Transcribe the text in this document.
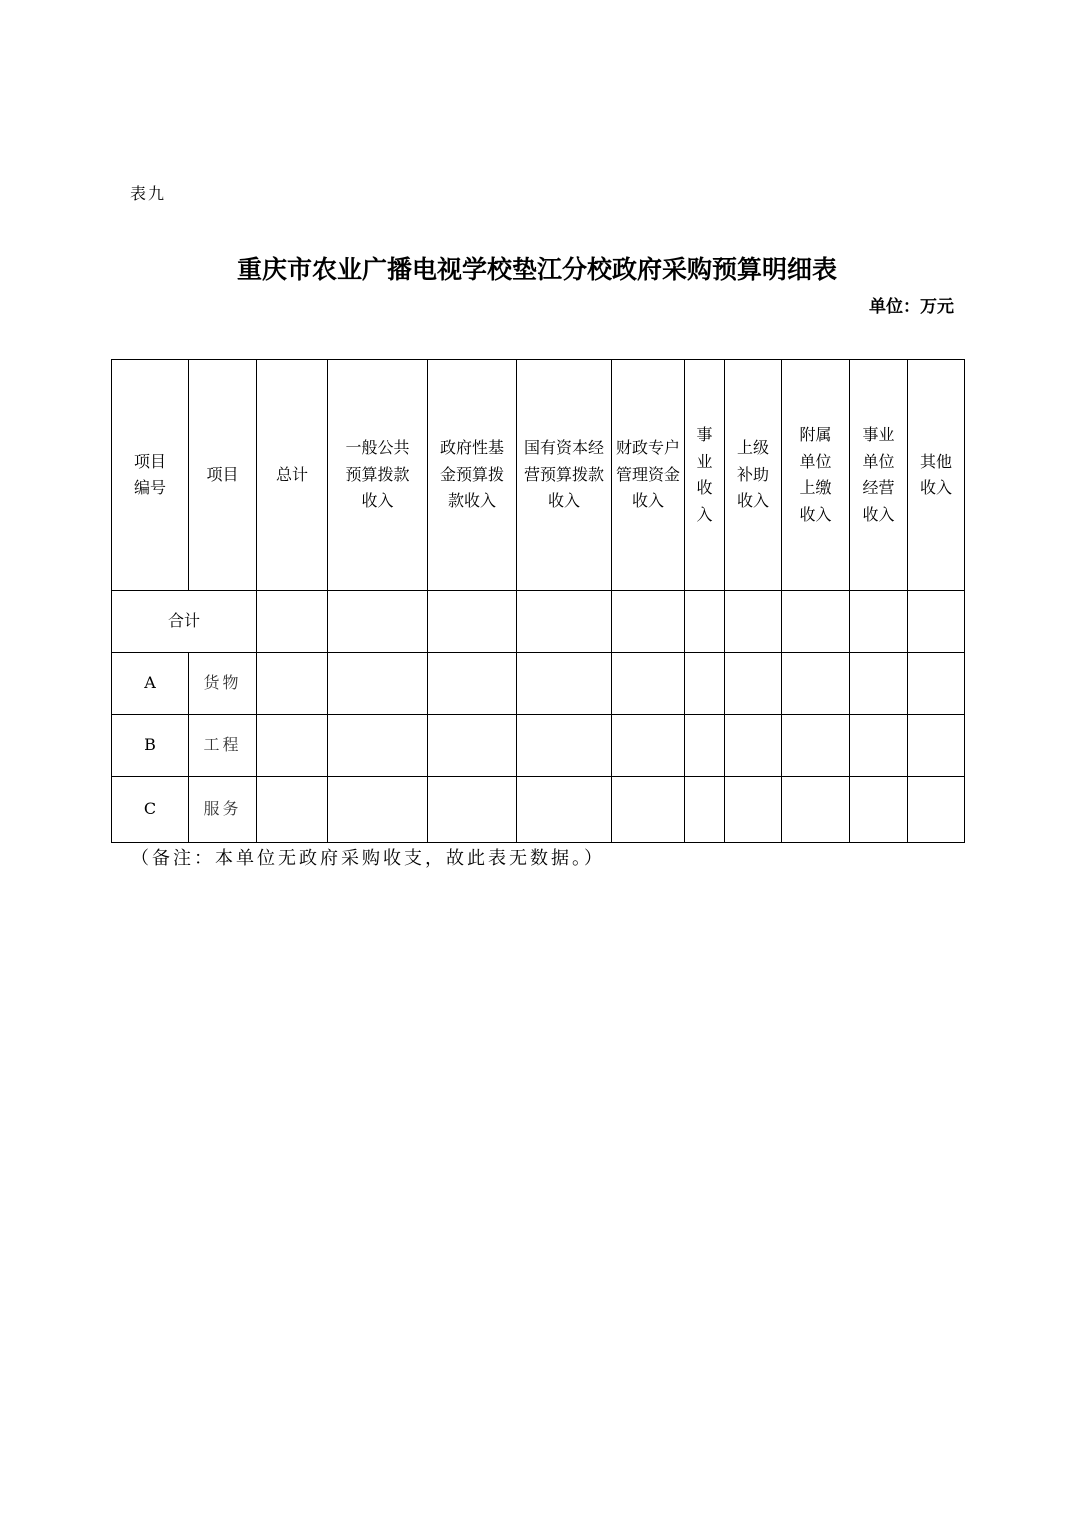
表九
重庆市农业广播电视学校垫江分校政府采购预算明细表
单位：万元
项目编号	项目	总计	一般公共预算拨款收入	政府性基金预算拨款收入	国有资本经营预算拨款收入	财政专户管理资金收入	事业收入	上级补助收入	附属单位上缴收入	事业单位经营收入	其他收入
合计											
A	货物										
B	工程										
C	服务										
（备注：本单位无政府采购收支，故此表无数据。）
